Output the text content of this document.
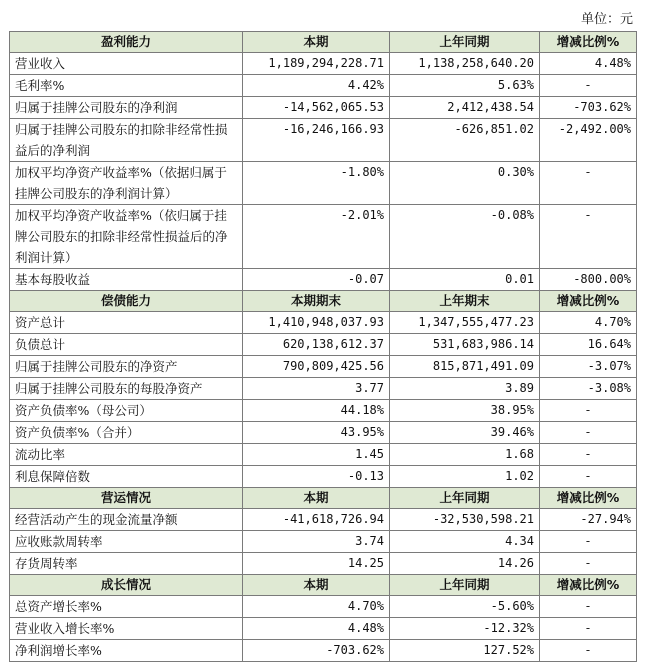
单位：元
盈利能力	本期	上年同期	增减比例%
营业收入	1,189,294,228.71	1,138,258,640.20	4.48%
毛利率%	4.42%	5.63%	-
归属于挂牌公司股东的净利润	-14,562,065.53	2,412,438.54	-703.62%
归属于挂牌公司股东的扣除非经常性损益后的净利润	-16,246,166.93	-626,851.02	-2,492.00%
加权平均净资产收益率%（依据归属于挂牌公司股东的净利润计算）	-1.80%	0.30%	-
加权平均净资产收益率%（依归属于挂牌公司股东的扣除非经常性损益后的净利润计算）	-2.01%	-0.08%	-
基本每股收益	-0.07	0.01	-800.00%
偿债能力	本期期末	上年期末	增减比例%
资产总计	1,410,948,037.93	1,347,555,477.23	4.70%
负债总计	620,138,612.37	531,683,986.14	16.64%
归属于挂牌公司股东的净资产	790,809,425.56	815,871,491.09	-3.07%
归属于挂牌公司股东的每股净资产	3.77	3.89	-3.08%
资产负债率%（母公司）	44.18%	38.95%	-
资产负债率%（合并）	43.95%	39.46%	-
流动比率	1.45	1.68	-
利息保障倍数	-0.13	1.02	-
营运情况	本期	上年同期	增减比例%
经营活动产生的现金流量净额	-41,618,726.94	-32,530,598.21	-27.94%
应收账款周转率	3.74	4.34	-
存货周转率	14.25	14.26	-
成长情况	本期	上年同期	增减比例%
总资产增长率%	4.70%	-5.60%	-
营业收入增长率%	4.48%	-12.32%	-
净利润增长率%	-703.62%	127.52%	-
